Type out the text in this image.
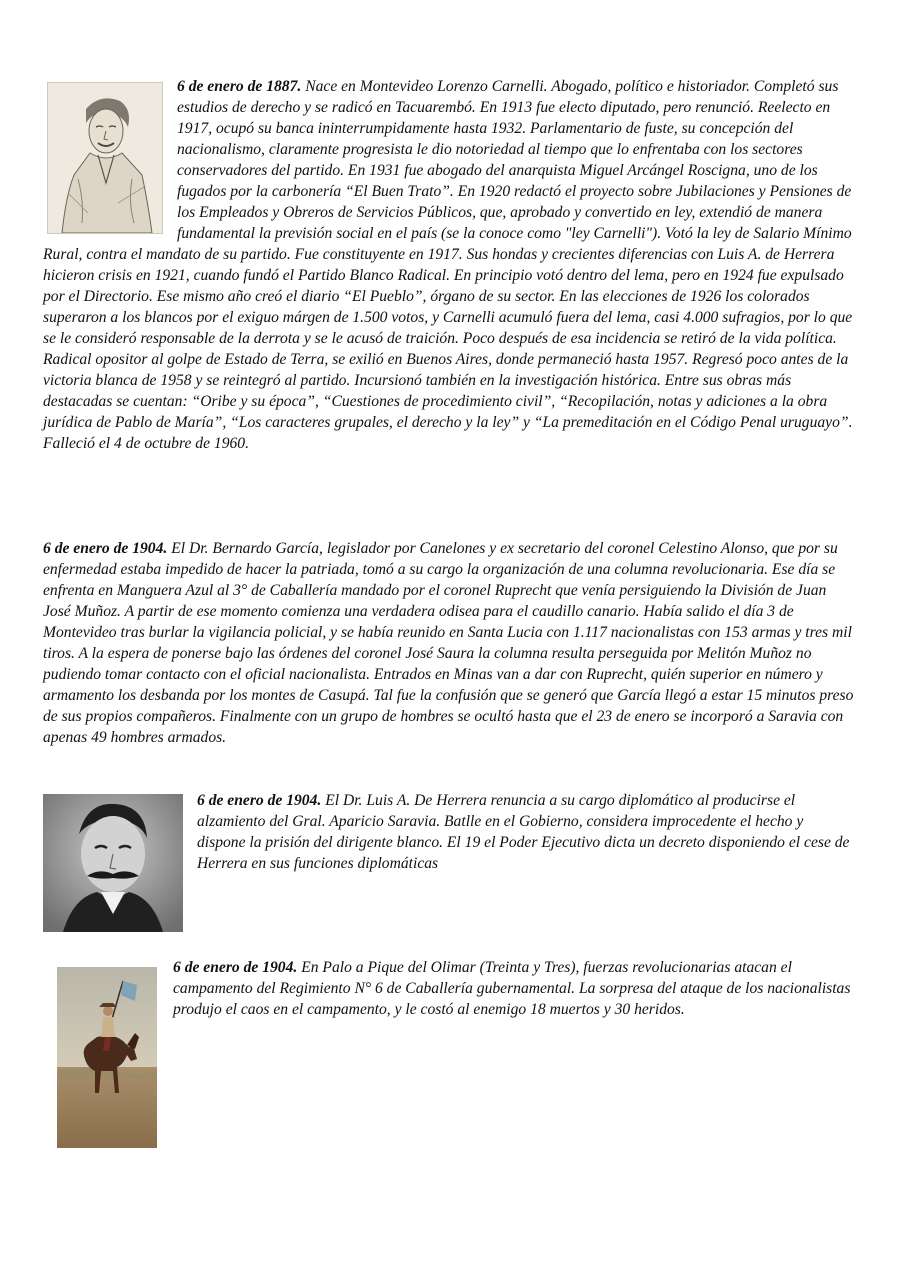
6 de enero de 1887. Nace en Montevideo Lorenzo Carnelli. Abogado, político e historiador. Completó sus estudios de derecho y se radicó en Tacuarembó. En 1913 fue electo diputado, pero renunció. Reelecto en 1917, ocupó su banca ininterrumpidamente hasta 1932. Parlamentario de fuste, su concepción del nacionalismo, claramente progresista le dio notoriedad al tiempo que lo enfrentaba con los sectores conservadores del partido. En 1931 fue abogado del anarquista Miguel Arcángel Roscigna, uno de los fugados por la carbonería “El Buen Trato”. En 1920 redactó el proyecto sobre Jubilaciones y Pensiones de los Empleados y Obreros de Servicios Públicos, que, aprobado y convertido en ley, extendió de manera fundamental la previsión social en el país (se la conoce como "ley Carnelli"). Votó la ley de Salario Mínimo Rural, contra el mandato de su partido. Fue constituyente en 1917. Sus hondas y crecientes diferencias con Luis A. de Herrera hicieron crisis en 1921, cuando fundó el Partido Blanco Radical. En principio votó dentro del lema, pero en 1924 fue expulsado por el Directorio. Ese mismo año creó el diario “El Pueblo”, órgano de su sector. En las elecciones de 1926 los colorados superaron a los blancos por el exiguo márgen de 1.500 votos, y Carnelli acumuló fuera del lema, casi 4.000 sufragios, por lo que se le consideró responsable de la derrota y se le acusó de traición. Poco después de esa incidencia se retiró de la vida política. Radical opositor al golpe de Estado de Terra, se exilió en Buenos Aires, donde permaneció hasta 1957. Regresó poco antes de la victoria blanca de 1958 y se reintegró al partido. Incursionó también en la investigación histórica. Entre sus obras más destacadas se cuentan: “Oribe y su época”, “Cuestiones de procedimiento civil”, “Recopilación, notas y adiciones a la obra jurídica de Pablo de María”, “Los caracteres grupales, el derecho y la ley” y “La premeditación en el Código Penal uruguayo”. Falleció el 4 de octubre de 1960.
6 de enero de 1904. El Dr. Bernardo García, legislador por Canelones y ex secretario del coronel Celestino Alonso, que por su enfermedad estaba impedido de hacer la patriada, tomó a su cargo la organización de una columna revolucionaria. Ese día se enfrenta en Manguera Azul al 3° de Caballería mandado por el coronel Ruprecht que venía persiguiendo la División de Juan José Muñoz. A partir de ese momento comienza una verdadera odisea para el caudillo canario. Había salido el día 3 de Montevideo tras burlar la vigilancia policial, y se había reunido en Santa Lucia con 1.117 nacionalistas con 153 armas y tres mil tiros. A la espera de ponerse bajo las órdenes del coronel José Saura la columna resulta perseguida por Melitón Muñoz no pudiendo tomar contacto con el oficial nacionalista. Entrados en Minas van a dar con Ruprecht, quién superior en número y armamento los desbanda por los montes de Casupá. Tal fue la confusión que se generó que García llegó a estar 15 minutos preso de sus propios compañeros. Finalmente con un grupo de hombres se ocultó hasta que el 23 de enero se incorporó a Saravia con apenas 49 hombres armados.
6 de enero de 1904. El Dr. Luis A. De Herrera renuncia a su cargo diplomático al producirse el alzamiento del Gral. Aparicio Saravia. Batlle en el Gobierno, considera improcedente el hecho y dispone la prisión del dirigente blanco. El 19 el Poder Ejecutivo dicta un decreto disponiendo el cese de Herrera en sus funciones diplomáticas
6 de enero de 1904. En Palo a Pique del Olimar (Treinta y Tres), fuerzas revolucionarias atacan el campamento del Regimiento N° 6 de Caballería gubernamental. La sorpresa del ataque de los nacionalistas produjo el caos en el campamento, y le costó al enemigo 18 muertos y 30 heridos.
